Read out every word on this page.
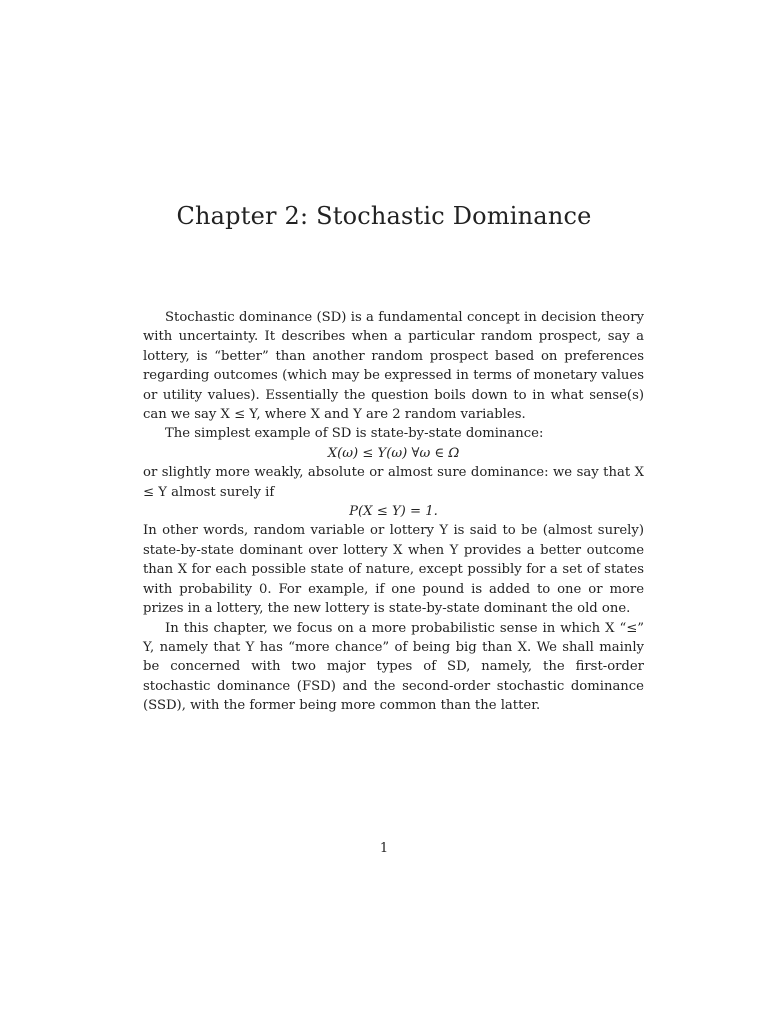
Chapter 2: Stochastic Dominance

Stochastic dominance (SD) is a fundamental concept in decision theory with uncertainty. It describes when a particular random prospect, say a lottery, is “better” than another random prospect based on preferences regarding outcomes (which may be expressed in terms of monetary values or utility values). Essentially the question boils down to in what sense(s) can we say X ≤ Y, where X and Y are 2 random variables.

The simplest example of SD is state-by-state dominance:

X(ω) ≤ Y(ω) ∀ω ∈ Ω

or slightly more weakly, absolute or almost sure dominance: we say that X ≤ Y almost surely if

P(X ≤ Y) = 1.

In other words, random variable or lottery Y is said to be (almost surely) state-by-state dominant over lottery X when Y provides a better outcome than X for each possible state of nature, except possibly for a set of states with probability 0. For example, if one pound is added to one or more prizes in a lottery, the new lottery is state-by-state dominant the old one.

In this chapter, we focus on a more probabilistic sense in which X “≤” Y, namely that Y has “more chance” of being big than X. We shall mainly be concerned with two major types of SD, namely, the first-order stochastic dominance (FSD) and the second-order stochastic dominance (SSD), with the former being more common than the latter.

1
